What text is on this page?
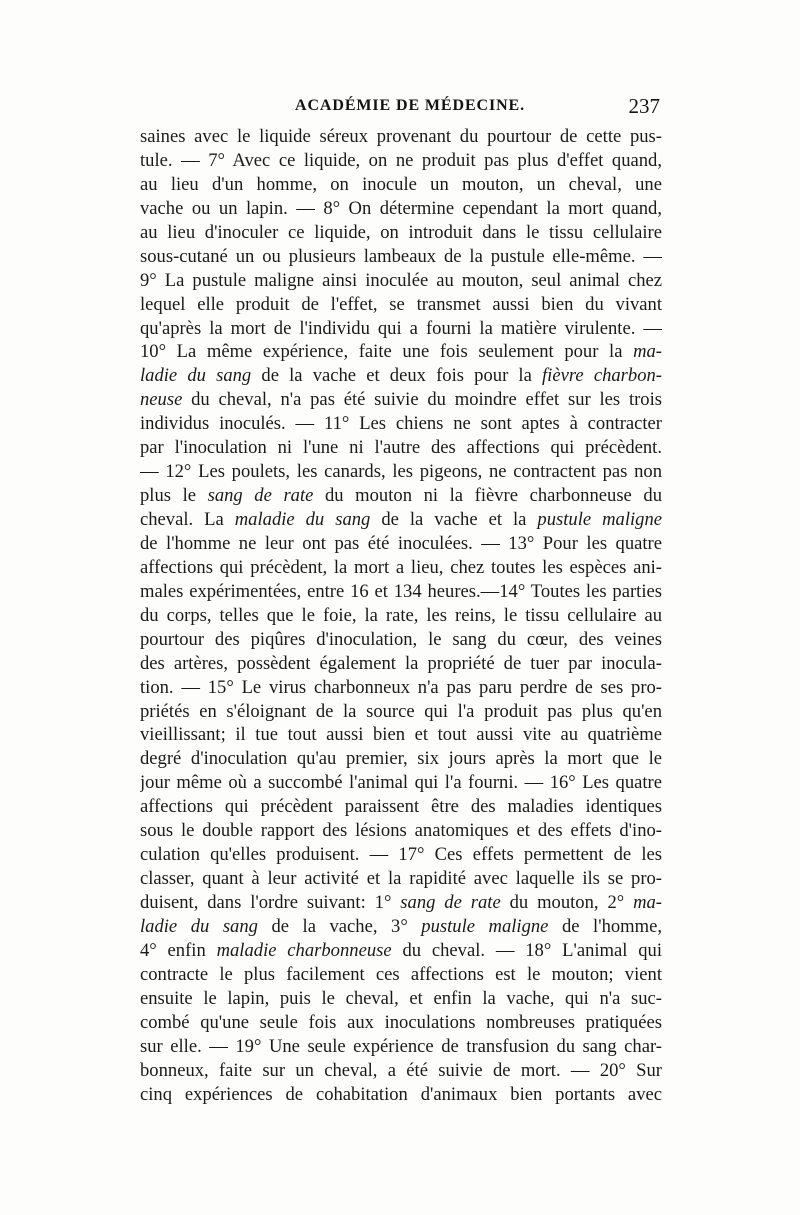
ACADÉMIE DE MÉDECINE.	237
saines avec le liquide séreux provenant du pourtour de cette pus-
tule. — 7° Avec ce liquide, on ne produit pas plus d'effet quand,
au lieu d'un homme, on inocule un mouton, un cheval, une
vache ou un lapin. — 8° On détermine cependant la mort quand,
au lieu d'inoculer ce liquide, on introduit dans le tissu cellulaire
sous-cutané un ou plusieurs lambeaux de la pustule elle-même. —
9° La pustule maligne ainsi inoculée au mouton, seul animal chez
lequel elle produit de l'effet, se transmet aussi bien du vivant
qu'après la mort de l'individu qui a fourni la matière virulente. —
10° La même expérience, faite une fois seulement pour la ma-
ladie du sang de la vache et deux fois pour la fièvre charbon-
neuse du cheval, n'a pas été suivie du moindre effet sur les trois
individus inoculés. — 11° Les chiens ne sont aptes à contracter
par l'inoculation ni l'une ni l'autre des affections qui précèdent.
— 12° Les poulets, les canards, les pigeons, ne contractent pas non
plus le sang de rate du mouton ni la fièvre charbonneuse du
cheval. La maladie du sang de la vache et la pustule maligne
de l'homme ne leur ont pas été inoculées. — 13° Pour les quatre
affections qui précèdent, la mort a lieu, chez toutes les espèces ani-
males expérimentées, entre 16 et 134 heures.—14° Toutes les parties
du corps, telles que le foie, la rate, les reins, le tissu cellulaire au
pourtour des piqûres d'inoculation, le sang du cœur, des veines
des artères, possèdent également la propriété de tuer par inocula-
tion. — 15° Le virus charbonneux n'a pas paru perdre de ses pro-
priétés en s'éloignant de la source qui l'a produit pas plus qu'en
vieillissant; il tue tout aussi bien et tout aussi vite au quatrième
degré d'inoculation qu'au premier, six jours après la mort que le
jour même où a succombé l'animal qui l'a fourni. — 16° Les quatre
affections qui précèdent paraissent être des maladies identiques
sous le double rapport des lésions anatomiques et des effets d'ino-
culation qu'elles produisent. — 17° Ces effets permettent de les
classer, quant à leur activité et la rapidité avec laquelle ils se pro-
duisent, dans l'ordre suivant: 1° sang de rate du mouton, 2° ma-
ladie du sang de la vache, 3° pustule maligne de l'homme,
4° enfin maladie charbonneuse du cheval. — 18° L'animal qui
contracte le plus facilement ces affections est le mouton; vient
ensuite le lapin, puis le cheval, et enfin la vache, qui n'a suc-
combé qu'une seule fois aux inoculations nombreuses pratiquées
sur elle. — 19° Une seule expérience de transfusion du sang char-
bonneux, faite sur un cheval, a été suivie de mort. — 20° Sur
cinq expériences de cohabitation d'animaux bien portants avec
